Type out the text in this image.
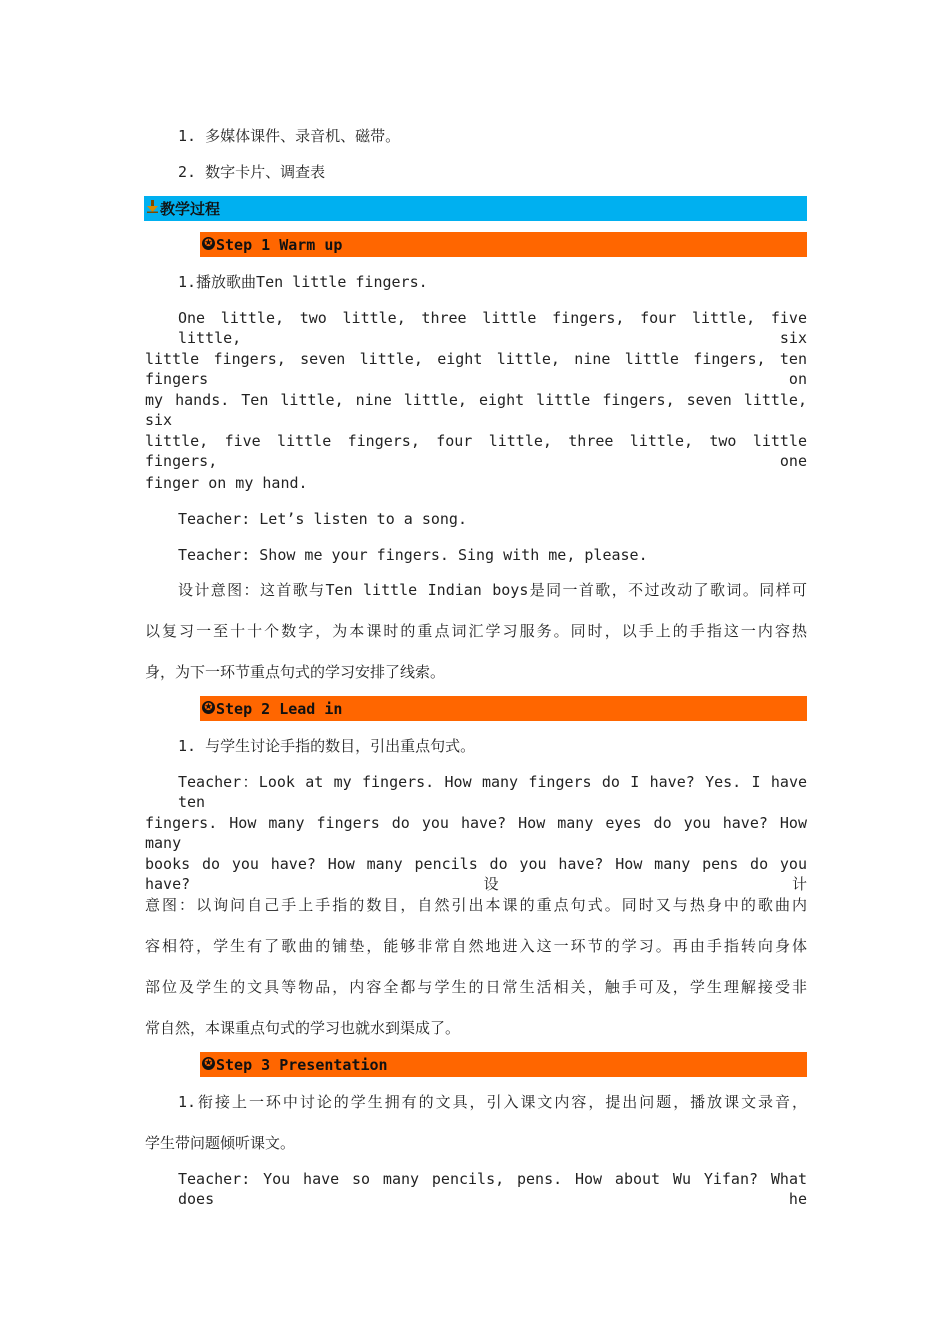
1. 多媒体课件、录音机、磁带。
2. 数字卡片、调查表
教学过程
✪ Step 1 Warm up
1.播放歌曲Ten little fingers.
One little, two little, three little fingers, four little, five little, six
little fingers, seven little, eight little, nine little fingers, ten fingers on
my hands. Ten little, nine little, eight little fingers, seven little, six
little, five little fingers, four little, three little, two little fingers, one
finger on my hand.
Teacher: Let’s listen to a song.
Teacher: Show me your fingers. Sing with me, please.
设计意图：这首歌与Ten little Indian boys是同一首歌，不过改动了歌词。同样可
以复习一至十十个数字，为本课时的重点词汇学习服务。同时，以手上的手指这一内容热
身，为下一环节重点句式的学习安排了线索。
✪ Step 2 Lead in
1. 与学生讨论手指的数目，引出重点句式。
Teacher：Look at my fingers. How many fingers do I have? Yes. I have ten
fingers. How many fingers do you have? How many eyes do you have? How many
books do you have? How many pencils do you have? How many pens do you have?设计
意图：以询问自己手上手指的数目，自然引出本课的重点句式。同时又与热身中的歌曲内
容相符，学生有了歌曲的铺垫，能够非常自然地进入这一环节的学习。再由手指转向身体
部位及学生的文具等物品，内容全都与学生的日常生活相关，触手可及，学生理解接受非
常自然，本课重点句式的学习也就水到渠成了。
✪ Step 3 Presentation
1.衔接上一环中讨论的学生拥有的文具，引入课文内容，提出问题，播放课文录音，
学生带问题倾听课文。
Teacher: You have so many pencils, pens. How about Wu Yifan? What does he
